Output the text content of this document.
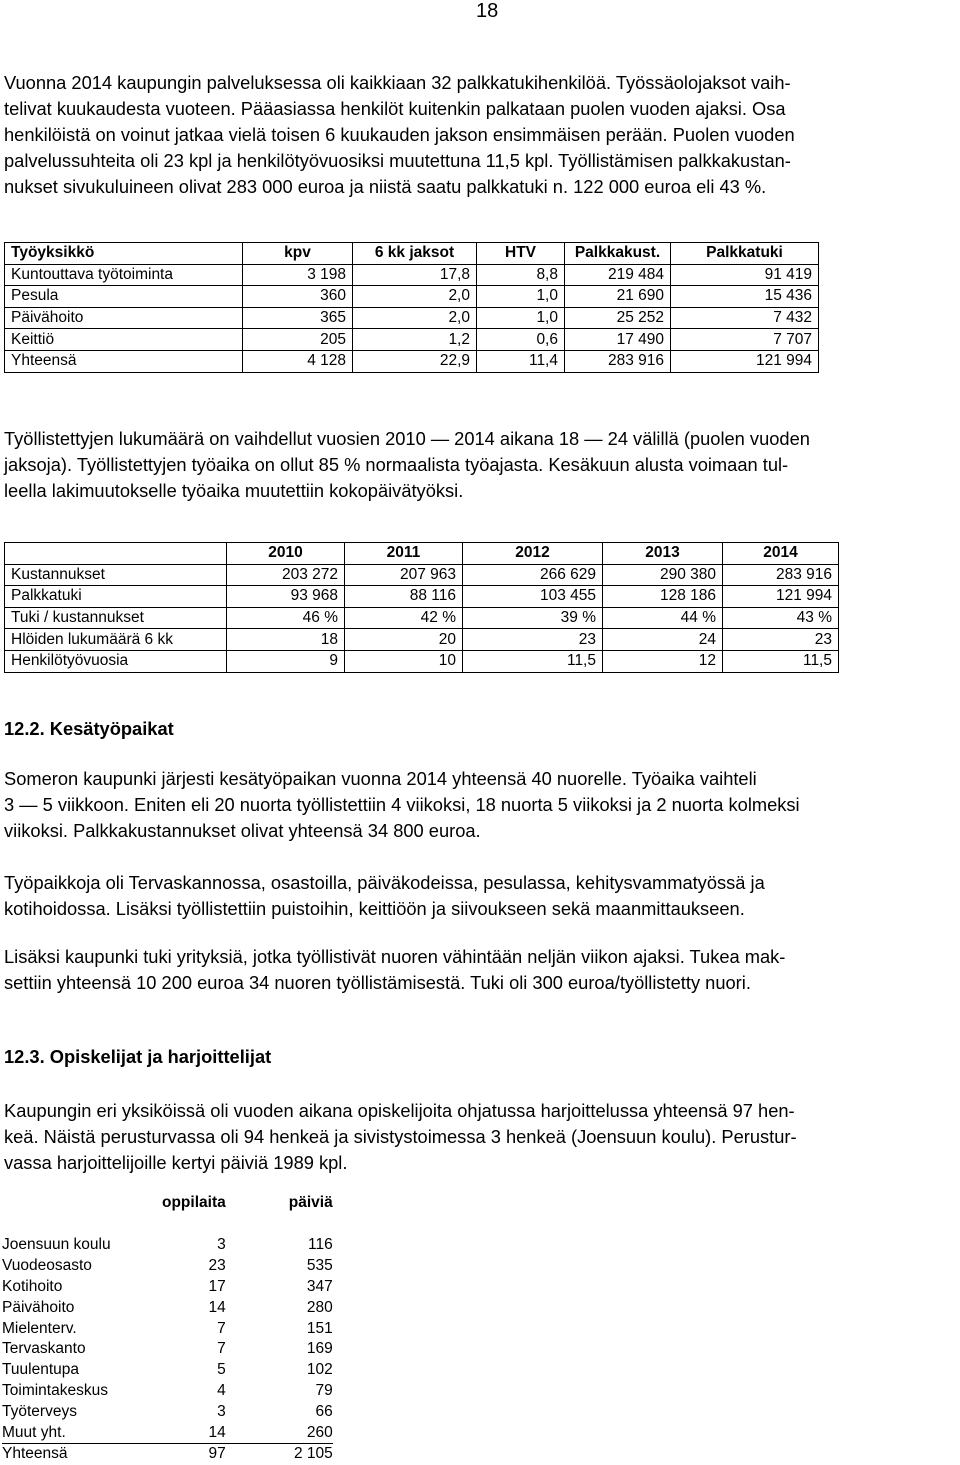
18

Vuonna 2014 kaupungin palveluksessa oli kaikkiaan 32 palkkatukihenkilöä. Työssäolojaksot vaih-
telivat kuukaudesta vuoteen. Pääasiassa henkilöt kuitenkin palkataan puolen vuoden ajaksi. Osa
henkilöistä on voinut jatkaa vielä toisen 6 kuukauden jakson ensimmäisen perään. Puolen vuoden
palvelussuhteita oli 23 kpl ja henkilötyövuosiksi muutettuna 11,5 kpl. Työllistämisen palkkakustan-
nukset sivukuluineen olivat 283 000 euroa ja niistä saatu palkkatuki n. 122 000 euroa eli 43 %.

Työyksikkö	kpv	6 kk jaksot	HTV	Palkkakust.	Palkkatuki
Kuntouttava työtoiminta	3 198	17,8	8,8	219 484	91 419
Pesula	360	2,0	1,0	21 690	15 436
Päivähoito	365	2,0	1,0	25 252	7 432
Keittiö	205	1,2	0,6	17 490	7 707
Yhteensä	4 128	22,9	11,4	283 916	121 994

Työllistettyjen lukumäärä on vaihdellut vuosien 2010 — 2014 aikana 18 — 24 välillä (puolen vuoden
jaksoja). Työllistettyjen työaika on ollut 85 % normaalista työajasta. Kesäkuun alusta voimaan tul-
leella lakimuutokselle työaika muutettiin kokopäivätyöksi.

	2010	2011	2012	2013	2014
Kustannukset	203 272	207 963	266 629	290 380	283 916
Palkkatuki	93 968	88 116	103 455	128 186	121 994
Tuki / kustannukset	46 %	42 %	39 %	44 %	43 %
Hlöiden lukumäärä 6 kk	18	20	23	24	23
Henkilötyövuosia	9	10	11,5	12	11,5
12.2. Kesätyöpaikat

Someron kaupunki järjesti kesätyöpaikan vuonna 2014 yhteensä 40 nuorelle. Työaika vaihteli
3 — 5 viikkoon. Eniten eli 20 nuorta työllistettiin 4 viikoksi, 18 nuorta 5 viikoksi ja 2 nuorta kolmeksi
viikoksi. Palkkakustannukset olivat yhteensä 34 800 euroa.

Työpaikkoja oli Tervaskannossa, osastoilla, päiväkodeissa, pesulassa, kehitysvammatyössä ja
kotihoidossa. Lisäksi työllistettiin puistoihin, keittiöön ja siivoukseen sekä maanmittaukseen.

Lisäksi kaupunki tuki yrityksiä, jotka työllistivät nuoren vähintään neljän viikon ajaksi. Tukea mak-
settiin yhteensä 10 200 euroa 34 nuoren työllistämisestä. Tuki oli 300 euroa/työllistetty nuori.

12.3. Opiskelijat ja harjoittelijat

Kaupungin eri yksiköissä oli vuoden aikana opiskelijoita ohjatussa harjoittelussa yhteensä 97 hen-
keä. Näistä perusturvassa oli 94 henkeä ja sivistystoimessa 3 henkeä (Joensuun koulu). Perustur-
vassa harjoittelijoille kertyi päiviä 1989 kpl.

	oppilaita	päiviä
Joensuun koulu	3	116
Vuodeosasto	23	535
Kotihoito	17	347
Päivähoito	14	280
Mielenterv.	7	151
Tervaskanto	7	169
Tuulentupa	5	102
Toimintakeskus	4	79
Työterveys	3	66
Muut yht.	14	260
Yhteensä	97	2 105
